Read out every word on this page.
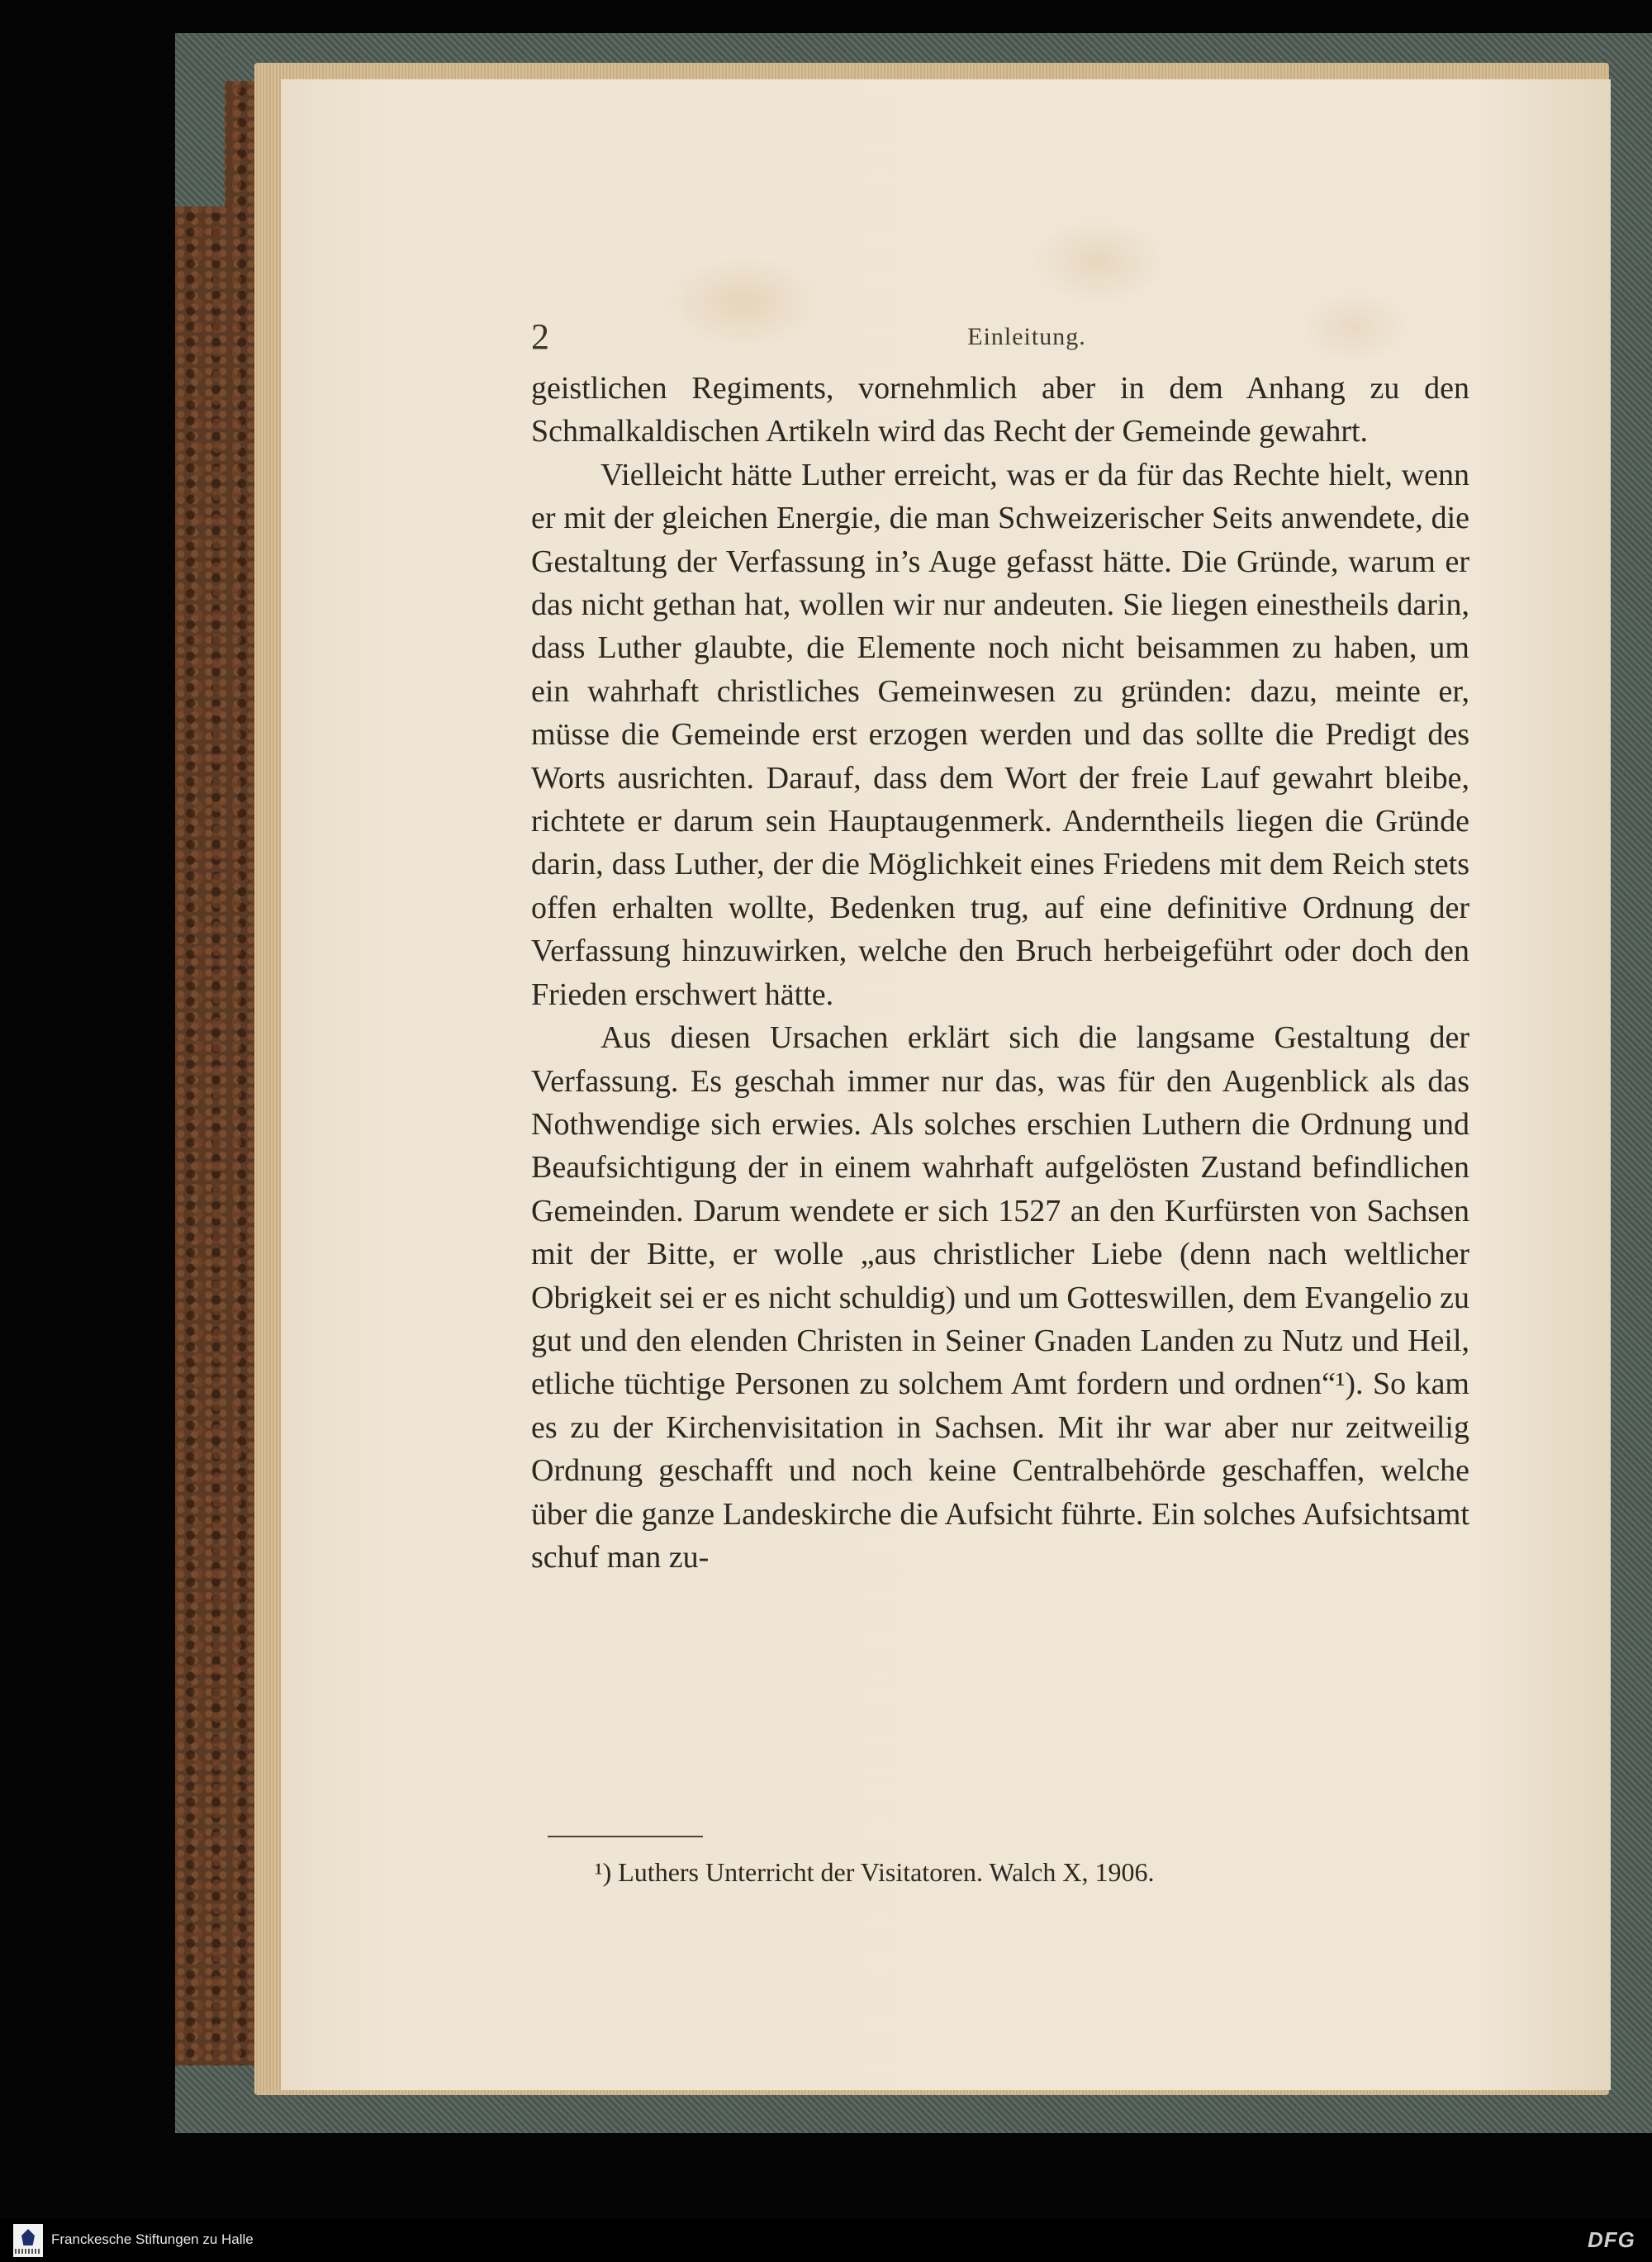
Einleitung.
2

geistlichen Regiments, vornehmlich aber in dem Anhang zu den Schmalkaldischen Artikeln wird das Recht der Gemeinde gewahrt.

Vielleicht hätte Luther erreicht, was er da für das Rechte hielt, wenn er mit der gleichen Energie, die man Schweizerischer Seits anwendete, die Gestaltung der Verfassung in’s Auge gefasst hätte. Die Gründe, warum er das nicht gethan hat, wollen wir nur andeuten. Sie liegen einestheils darin, dass Luther glaubte, die Elemente noch nicht beisammen zu haben, um ein wahrhaft christliches Gemeinwesen zu gründen: dazu, meinte er, müsse die Gemeinde erst erzogen werden und das sollte die Predigt des Worts ausrichten. Darauf, dass dem Wort der freie Lauf gewahrt bleibe, richtete er darum sein Hauptaugenmerk. Anderntheils liegen die Gründe darin, dass Luther, der die Möglichkeit eines Friedens mit dem Reich stets offen erhalten wollte, Bedenken trug, auf eine definitive Ordnung der Verfassung hinzuwirken, welche den Bruch herbeigeführt oder doch den Frieden erschwert hätte.

Aus diesen Ursachen erklärt sich die langsame Gestaltung der Verfassung. Es geschah immer nur das, was für den Augenblick als das Nothwendige sich erwies. Als solches erschien Luthern die Ordnung und Beaufsichtigung der in einem wahrhaft aufgelösten Zustand befindlichen Gemeinden. Darum wendete er sich 1527 an den Kurfürsten von Sachsen mit der Bitte, er wolle „aus christlicher Liebe (denn nach weltlicher Obrigkeit sei er es nicht schuldig) und um Gotteswillen, dem Evangelio zu gut und den elenden Christen in Seiner Gnaden Landen zu Nutz und Heil, etliche tüchtige Personen zu solchem Amt fordern und ordnen“¹). So kam es zu der Kirchenvisitation in Sachsen. Mit ihr war aber nur zeitweilig Ordnung geschafft und noch keine Centralbehörde geschaffen, welche über die ganze Landeskirche die Aufsicht führte. Ein solches Aufsichtsamt schuf man zu-

¹) Luthers Unterricht der Visitatoren. Walch X, 1906.
Franckesche Stiftungen zu Halle	DFG
